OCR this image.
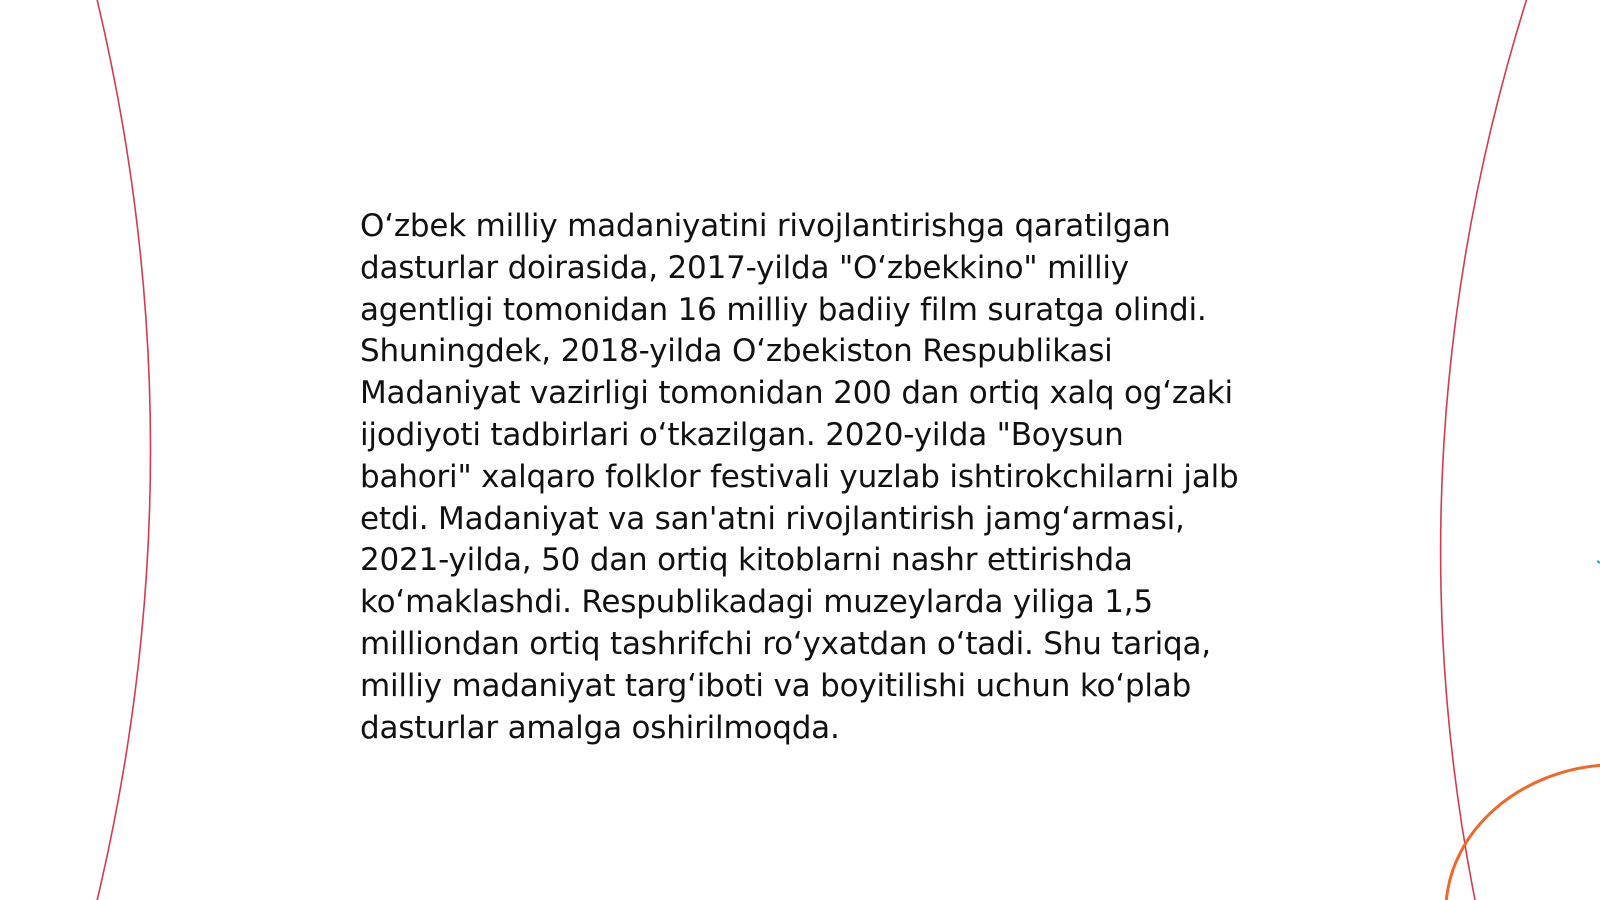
O‘zbek milliy madaniyatini rivojlantirishga qaratilgan dasturlar doirasida, 2017-yilda "O‘zbekkino" milliy agentligi tomonidan 16 milliy badiiy film suratga olindi. Shuningdek, 2018-yilda O‘zbekiston Respublikasi Madaniyat vazirligi tomonidan 200 dan ortiq xalq og‘zaki ijodiyoti tadbirlari o‘tkazilgan. 2020-yilda "Boysun bahori" xalqaro folklor festivali yuzlab ishtirokchilarni jalb etdi. Madaniyat va san'atni rivojlantirish jamg‘armasi, 2021-yilda, 50 dan ortiq kitoblarni nashr ettirishda ko‘maklashdi. Respublikadagi muzeylarda yiliga 1,5 milliondan ortiq tashrifchi ro‘yxatdan o‘tadi. Shu tariqa, milliy madaniyat targ‘iboti va boyitilishi uchun ko‘plab dasturlar amalga oshirilmoqda.
